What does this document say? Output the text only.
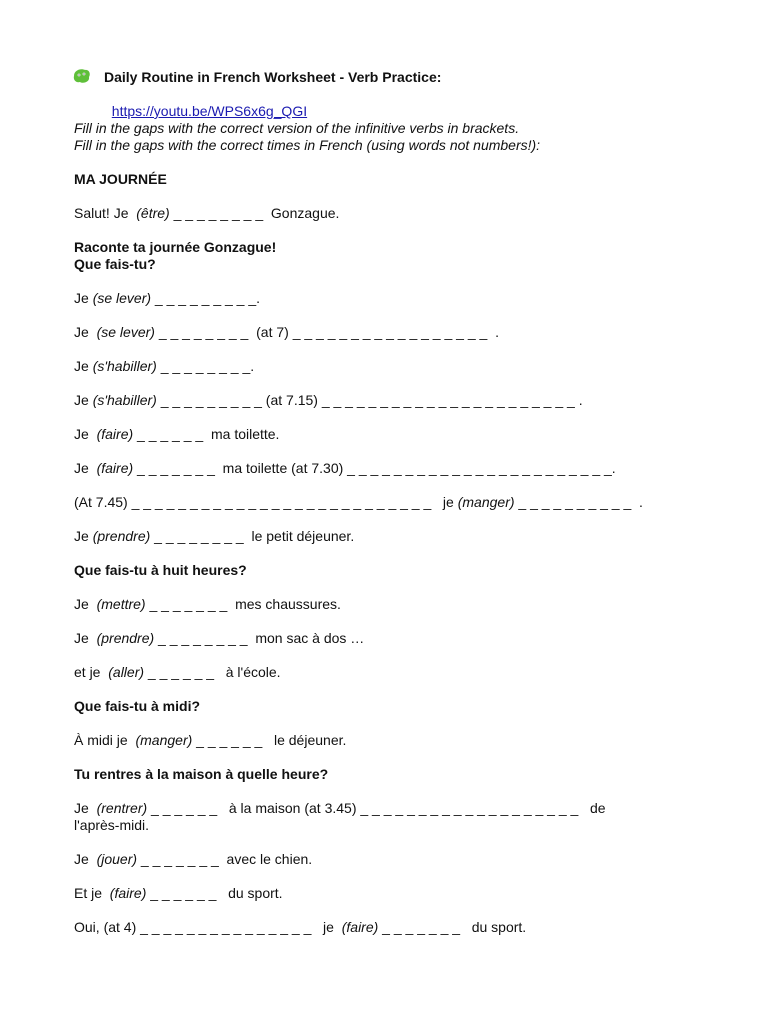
Daily Routine in French Worksheet - Verb Practice:

https://youtu.be/WPS6x6g_QGI

Fill in the gaps with the correct version of the infinitive verbs in brackets.
Fill in the gaps with the correct times in French (using words not numbers!):
MA JOURNÉE
Salut! Je  (être) _ _ _ _ _ _ _ _  Gonzague.
Raconte ta journée Gonzague!
Que fais-tu?
Je (se lever) _ _ _ _ _ _ _ _ _.
Je  (se lever) _ _ _ _ _ _ _ _  (at 7) _ _ _ _ _ _ _ _ _ _ _ _ _ _ _ _ _  .
Je (s'habiller) _ _ _ _ _ _ _ _.
Je (s'habiller) _ _ _ _ _ _ _ _ _ (at 7.15) _ _ _ _ _ _ _ _ _ _ _ _ _ _ _ _ _ _ _ _ _ _ .
Je  (faire) _ _ _ _ _ _  ma toilette.
Je  (faire) _ _ _ _ _ _ _  ma toilette (at 7.30) _ _ _ _ _ _ _ _ _ _ _ _ _ _ _ _ _ _ _ _ _ _ _.
(At 7.45) _ _ _ _ _ _ _ _ _ _ _ _ _ _ _ _ _ _ _ _ _ _ _ _ _ _   je (manger) _ _ _ _ _ _ _ _ _ _  .
Je (prendre) _ _ _ _ _ _ _ _  le petit déjeuner.
Que fais-tu à huit heures?
Je  (mettre) _ _ _ _ _ _ _  mes chaussures.
Je  (prendre) _ _ _ _ _ _ _ _  mon sac à dos …
et je  (aller) _ _ _ _ _ _   à l'école.
Que fais-tu à midi?
À midi je  (manger) _ _ _ _ _ _   le déjeuner.
Tu rentres à la maison à quelle heure?
Je  (rentrer) _ _ _ _ _ _   à la maison (at 3.45) _ _ _ _ _ _ _ _ _ _ _ _ _ _ _ _ _ _ _   de
l'après-midi.
Je  (jouer) _ _ _ _ _ _ _  avec le chien.
Et je  (faire) _ _ _ _ _ _   du sport.
Oui, (at 4) _ _ _ _ _ _ _ _ _ _ _ _ _ _ _   je  (faire) _ _ _ _ _ _ _   du sport.
